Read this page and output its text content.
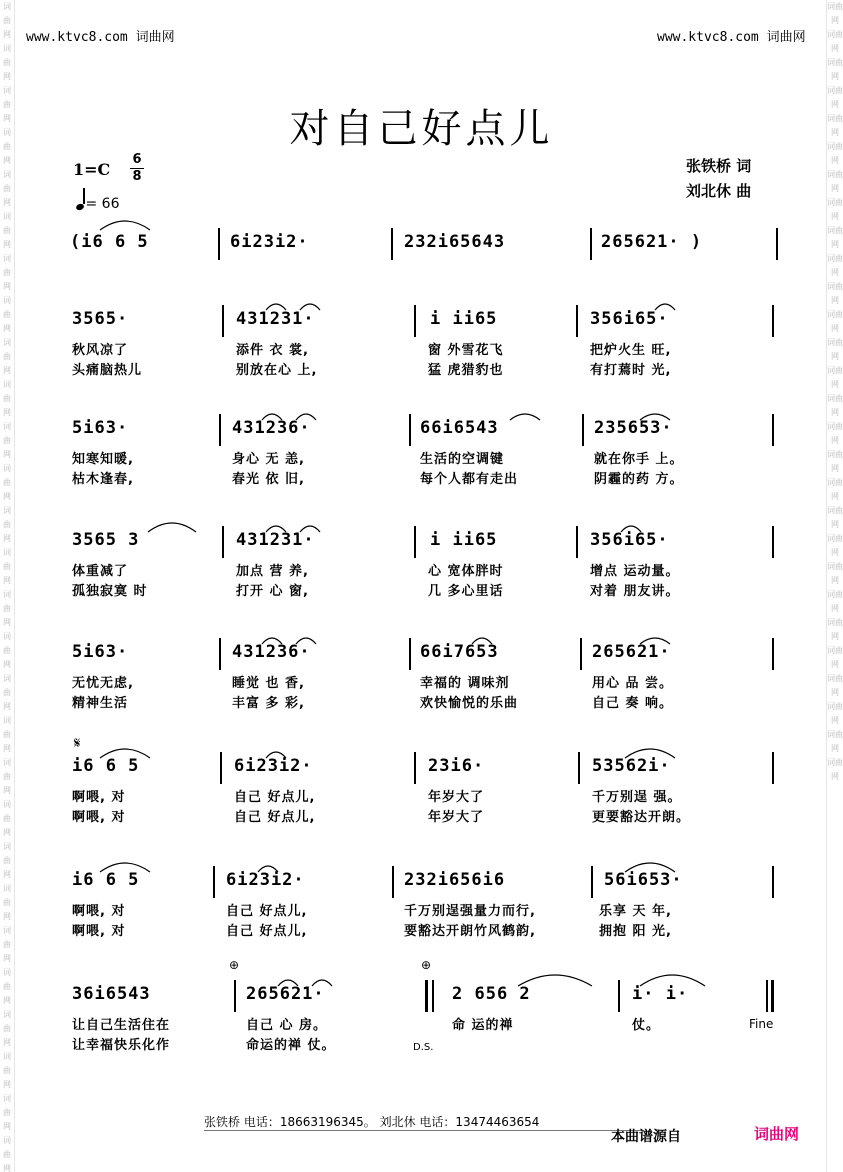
词曲网 词曲网 词曲网 词曲网 词曲网 词曲网 词曲网 词曲网 词曲网 词曲网 词曲网 词曲网 词曲网 词曲网 词曲网 词曲网 词曲网 词曲网 词曲网 词曲网 词曲网 词曲网 词曲网 词曲网 词曲网 词曲网 词曲网 词曲网
词曲网 词曲网 词曲网 词曲网 词曲网 词曲网 词曲网 词曲网 词曲网 词曲网 词曲网 词曲网 词曲网 词曲网 词曲网 词曲网 词曲网 词曲网 词曲网 词曲网 词曲网 词曲网 词曲网 词曲网 词曲网 词曲网 词曲网 词曲网
www.ktvc8.com 词曲网	www.ktvc8.com 词曲网
对自己好点儿
1=C
6
8
= 66
张铁桥 词
刘北休 曲
(i6 6 5	6i23i2·	232i65643	265621· )
3565·	431231·	i ii65	356i65·
秋风凉了	添件 衣 裳,	窗 外雪花飞	把炉火生 旺,
头痛脑热儿	别放在心 上,	猛 虎猎豹也	有打蔫时 光,
5i63·	431236·	66i6543	235653·
知寒知暖,	身心 无 恙,	生活的空调键	就在你手 上。
枯木逢春,	春光 依 旧,	每个人都有走出	阴霾的药 方。
3565 3	431231·	i ii65	356i65·
体重减了	加点 营 养,	心 宽体胖时	增点 运动量。
孤独寂寞 时	打开 心 窗,	几 多心里话	对着 朋友讲。
5i63·	431236·	66i7653	265621·
无忧无虑,	睡觉 也 香,	幸福的 调味剂	用心 品 尝。
精神生活	丰富 多 彩,	欢快愉悦的乐曲	自己 奏 响。
𝄋
i6 6 5	6i23i2·	23i6·	53562i·
啊喂, 对	自己 好点儿,	年岁大了	千万别逞 强。
啊喂, 对	自己 好点儿,	年岁大了	更要豁达开朗。
i6 6 5	6i23i2·	232i656i6	56i653·
啊喂, 对	自己 好点儿,	千万别逞强量力而行,	乐享 天 年,
啊喂, 对	自己 好点儿,	要豁达开朗竹风鹤韵,	拥抱 阳 光,
⊕	⊕
36i6543	265621·	2 656 2	i· i·
让自己生活住在	自己 心 房。	命 运的禅	仗。
让幸福快乐化作	命运的禅 仗。
Fine
D.S.
张铁桥 电话：18663196345。 刘北休 电话：13474463654
本曲谱源自	词曲网
